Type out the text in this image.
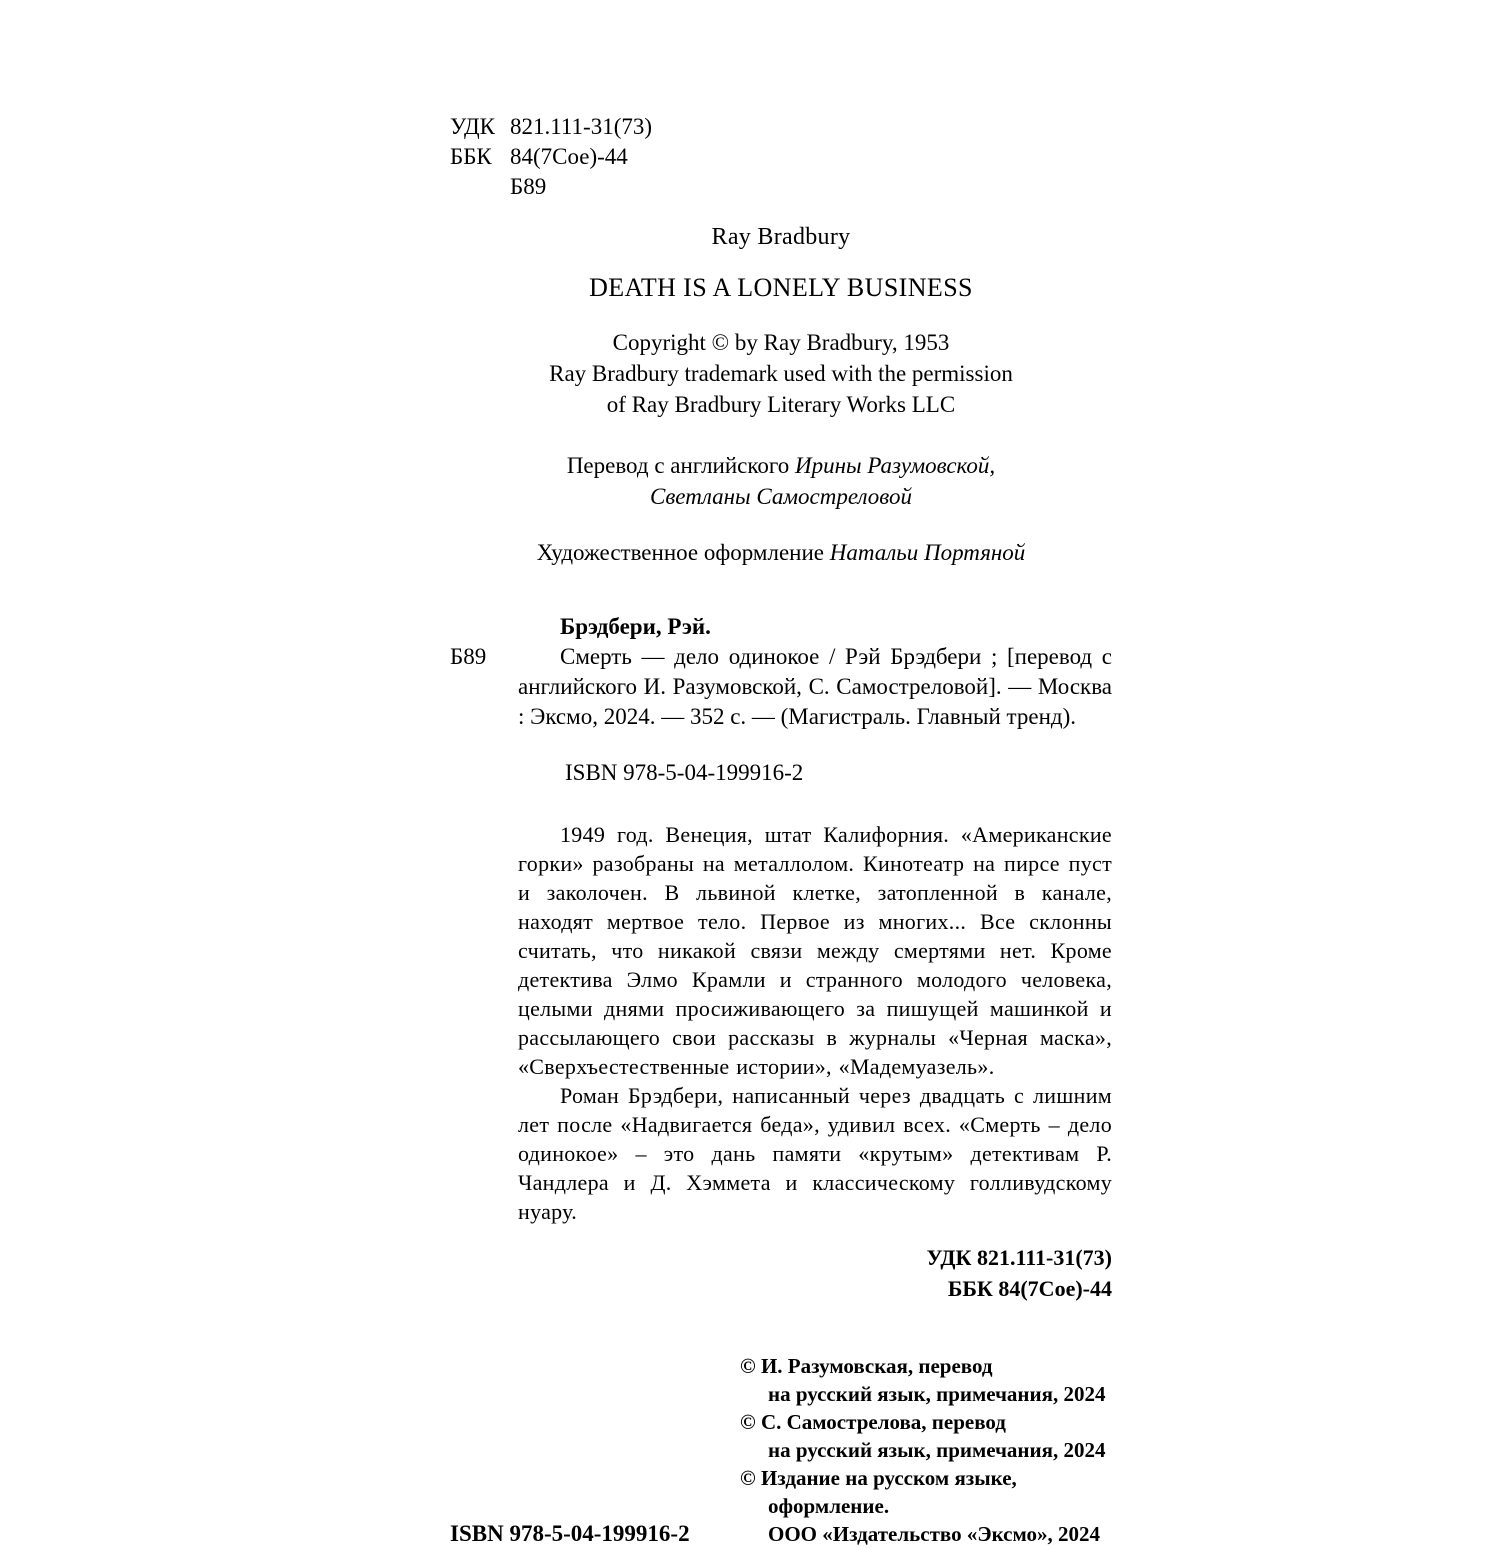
УДК 821.111-31(73)
ББК 84(7Сое)-44
Б89
Ray Bradbury
DEATH IS A LONELY BUSINESS
Copyright © by Ray Bradbury, 1953
Ray Bradbury trademark used with the permission
of Ray Bradbury Literary Works LLC
Перевод с английского Ирины Разумовской,
Светланы Самостреловой
Художественное оформление Натальи Портяной
Б89
Брэдбери, Рэй.

Смерть — дело одинокое / Рэй Брэдбери ; [перевод с английского И. Разумовской, С. Самостреловой]. — Москва : Эксмо, 2024. — 352 с. — (Магистраль. Главный тренд).

ISBN 978-5-04-199916-2

1949 год. Венеция, штат Калифорния. «Американские горки» разобраны на металлолом. Кинотеатр на пирсе пуст и заколочен. В львиной клетке, затопленной в канале, находят мертвое тело. Первое из многих... Все склонны считать, что никакой связи между смертями нет. Кроме детектива Элмо Крамли и странного молодого человека, целыми днями просиживающего за пишущей машинкой и рассылающего свои рассказы в журналы «Черная маска», «Сверхъестественные истории», «Мадемуазель».

Роман Брэдбери, написанный через двадцать с лишним лет после «Надвигается беда», удивил всех. «Смерть – дело одинокое» – это дань памяти «крутым» детективам Р. Чандлера и Д. Хэммета и классическому голливудскому нуару.

УДК 821.111-31(73)
ББК 84(7Сое)-44
ISBN 978-5-04-199916-2
© И. Разумовская, перевод
на русский язык, примечания, 2024
© С. Самострелова, перевод
на русский язык, примечания, 2024
© Издание на русском языке,
оформление.
ООО «Издательство «Эксмо», 2024
